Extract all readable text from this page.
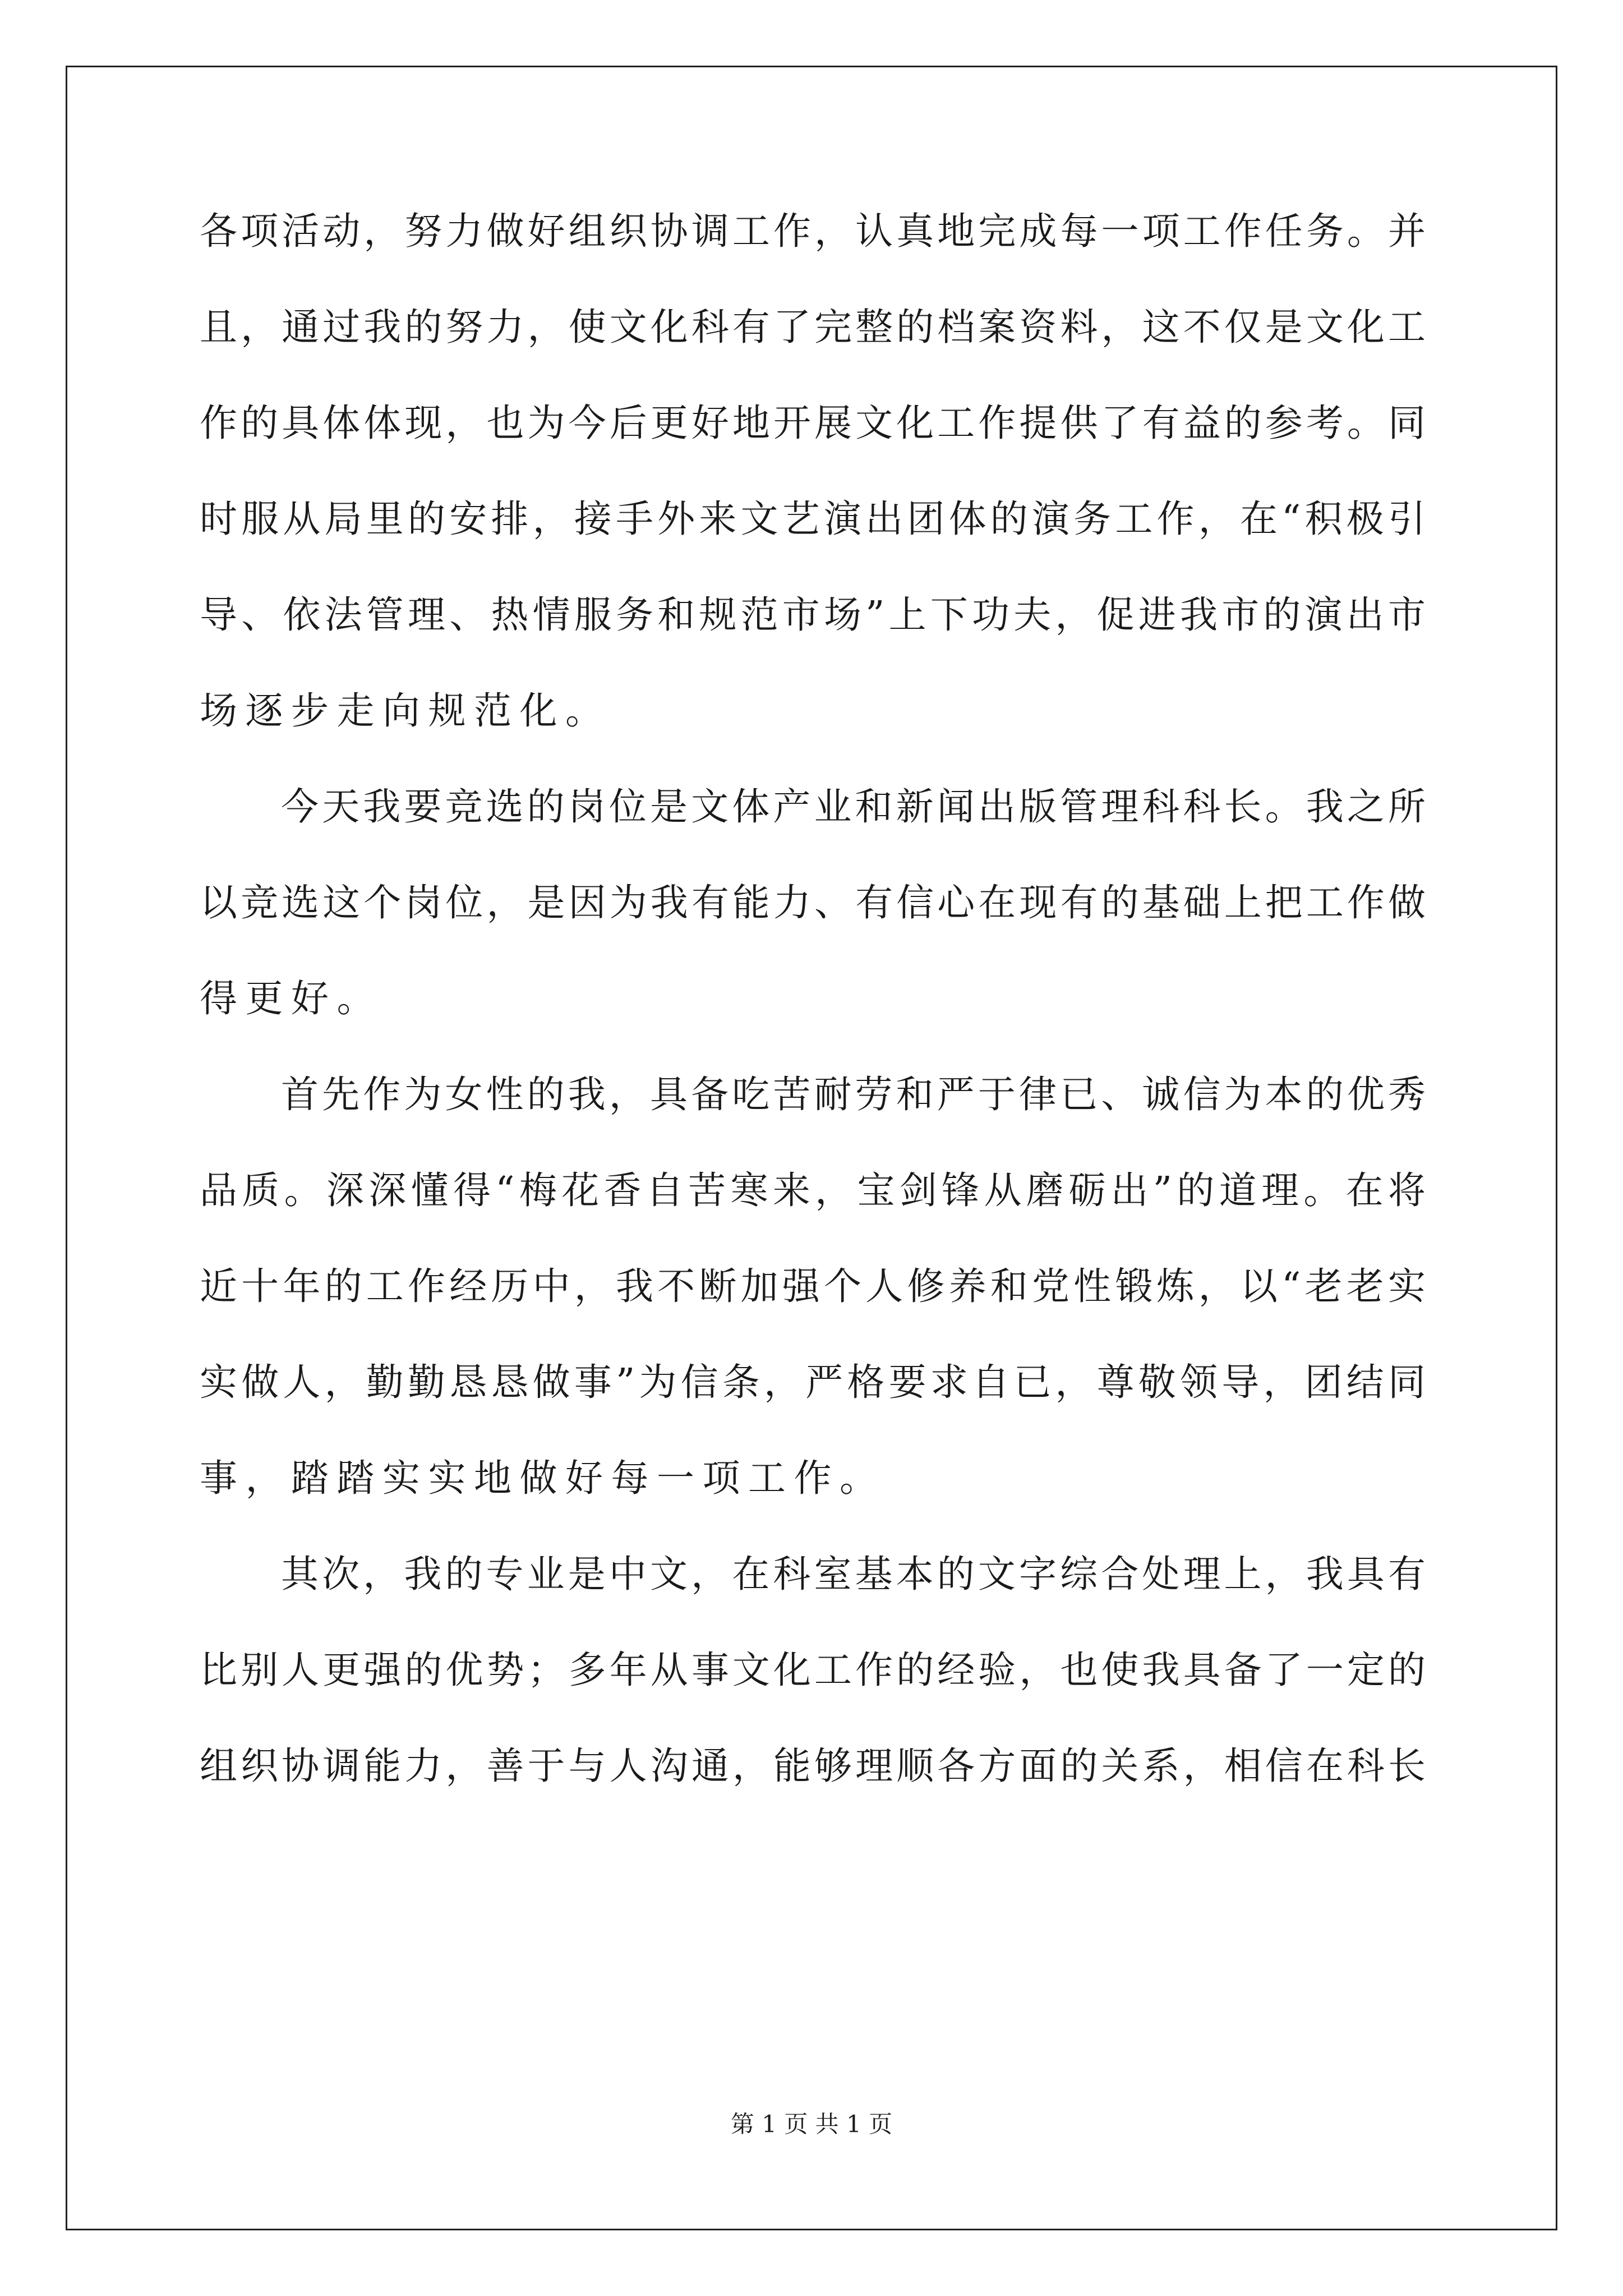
各项活动，努力做好组织协调工作，认真地完成每一项工作任务。并
且，通过我的努力，使文化科有了完整的档案资料，这不仅是文化工
作的具体体现，也为今后更好地开展文化工作提供了有益的参考。同
时服从局里的安排，接手外来文艺演出团体的演务工作，在“积极引
导、依法管理、热情服务和规范市场”上下功夫，促进我市的演出市
场逐步走向规范化。
今天我要竞选的岗位是文体产业和新闻出版管理科科长。我之所
以竞选这个岗位，是因为我有能力、有信心在现有的基础上把工作做
得更好。
首先作为女性的我，具备吃苦耐劳和严于律已、诚信为本的优秀
品质。深深懂得“梅花香自苦寒来，宝剑锋从磨砺出”的道理。在将
近十年的工作经历中，我不断加强个人修养和党性锻炼，以“老老实
实做人，勤勤恳恳做事”为信条，严格要求自已，尊敬领导，团结同
事，踏踏实实地做好每一项工作。
其次，我的专业是中文，在科室基本的文字综合处理上，我具有
比别人更强的优势；多年从事文化工作的经验，也使我具备了一定的
组织协调能力，善于与人沟通，能够理顺各方面的关系，相信在科长
第 1 页 共 1 页
